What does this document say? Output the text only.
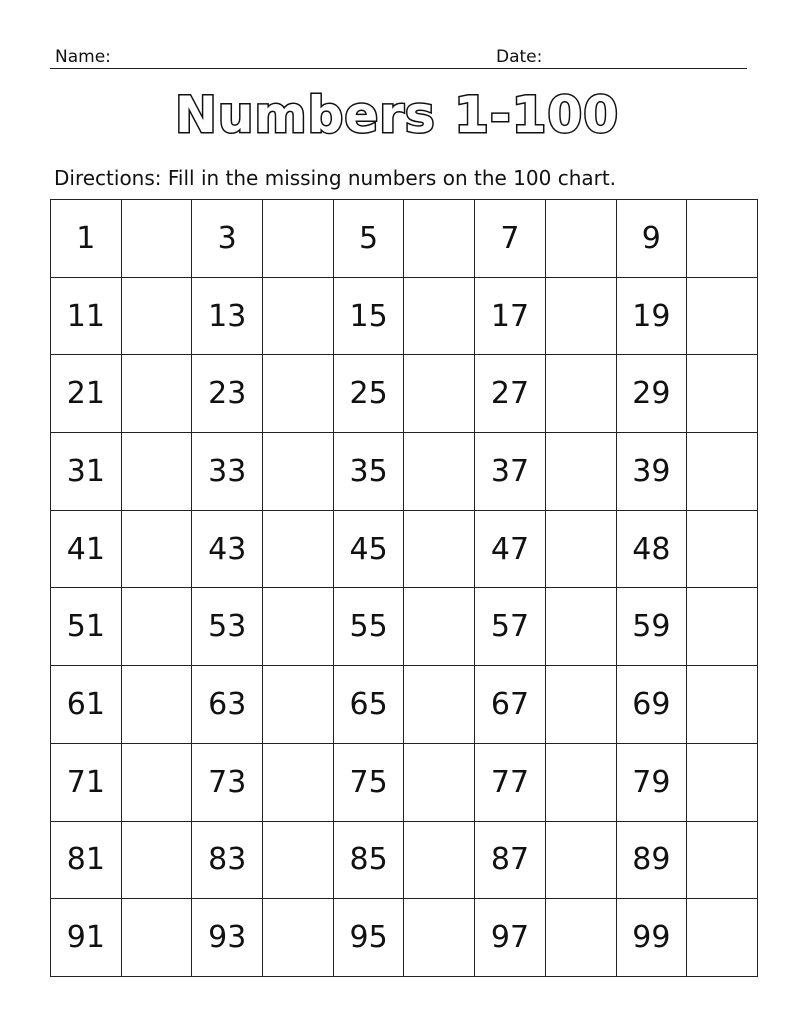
Name:	Date:
Numbers 1-100
Directions: Fill in the missing numbers on the 100 chart.
1		3		5		7		9	
11		13		15		17		19	
21		23		25		27		29	
31		33		35		37		39	
41		43		45		47		48	
51		53		55		57		59	
61		63		65		67		69	
71		73		75		77		79	
81		83		85		87		89	
91		93		95		97		99	
